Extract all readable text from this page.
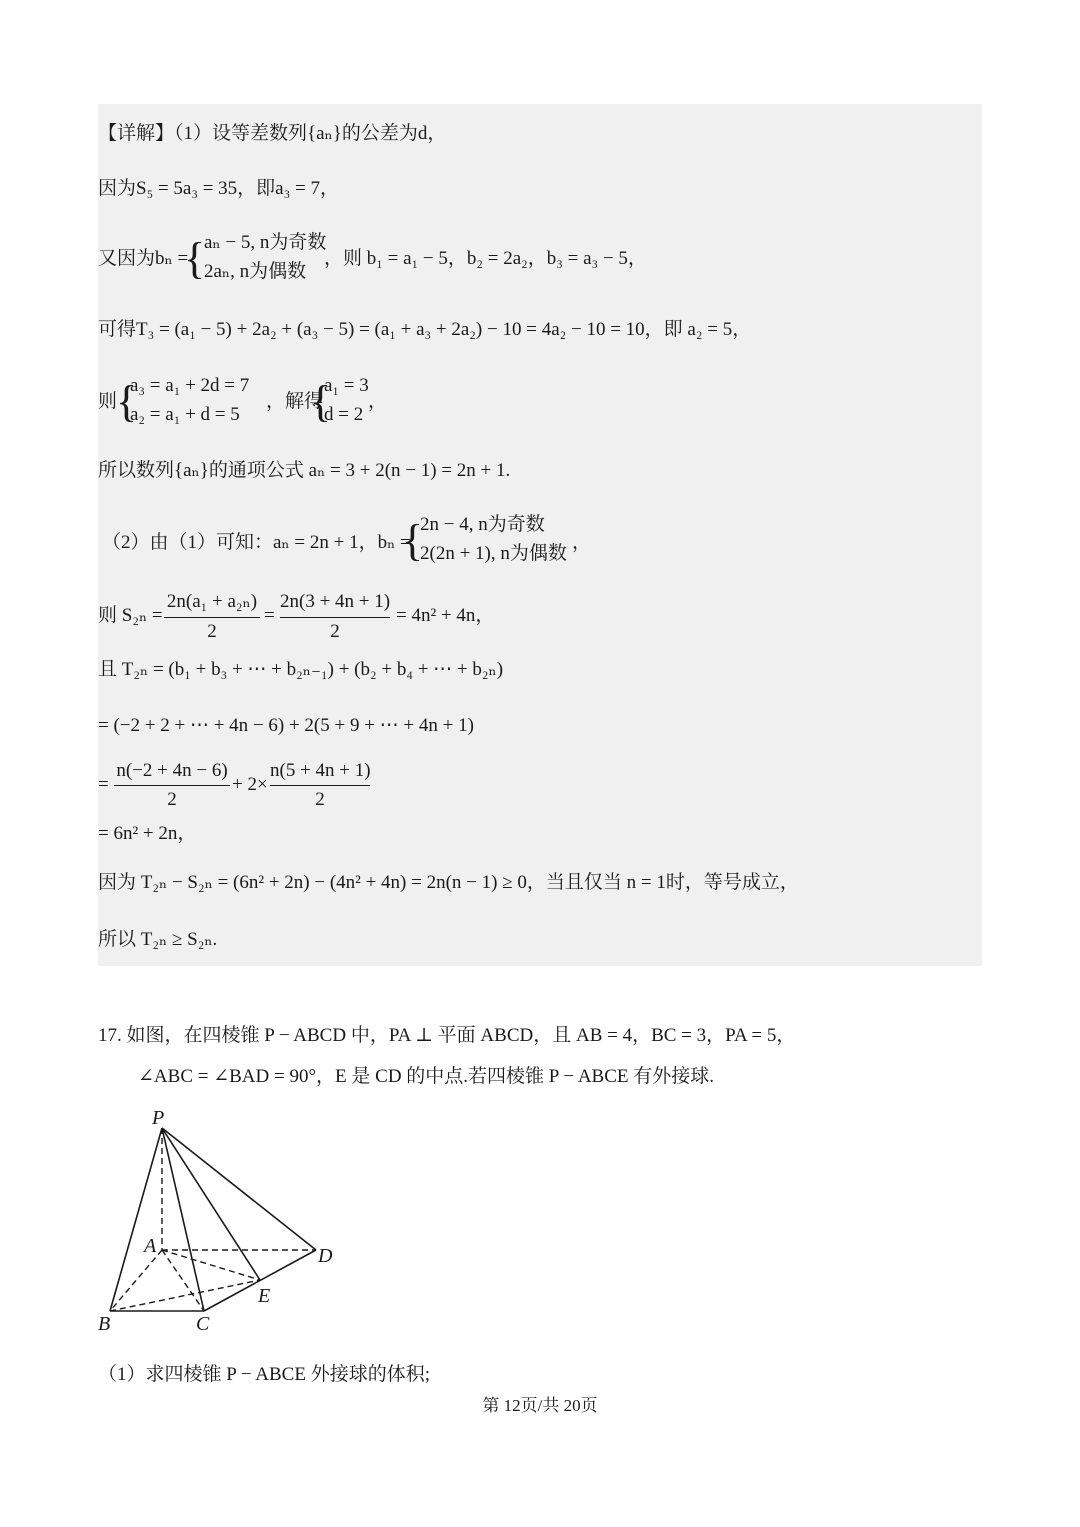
【详解】（1）设等差数列{aₙ}的公差为d，
因为S₅ = 5a₃ = 35，即a₃ = 7，
又因为bₙ =
{
aₙ − 5, n为奇数
2aₙ, n为偶数
，则 b₁ = a₁ − 5，b₂ = 2a₂，b₃ = a₃ − 5，
可得T₃ = (a₁ − 5) + 2a₂ + (a₃ − 5) = (a₁ + a₃ + 2a₂) − 10 = 4a₂ − 10 = 10，即 a₂ = 5，
则
{
a₃ = a₁ + 2d = 7
a₂ = a₁ + d = 5
，解得
{
a₁ = 3
d = 2
，
所以数列{aₙ}的通项公式 aₙ = 3 + 2(n − 1) = 2n + 1.
（2）由（1）可知：aₙ = 2n + 1，bₙ =
{
2n − 4, n为奇数
2(2n + 1), n为偶数
，
则 S₂ₙ =
2n(a₁ + a₂ₙ)
2
=
2n(3 + 4n + 1)
2
= 4n² + 4n，
且 T₂ₙ = (b₁ + b₃ + ⋯ + b₂ₙ₋₁) + (b₂ + b₄ + ⋯ + b₂ₙ)
= (−2 + 2 + ⋯ + 4n − 6) + 2(5 + 9 + ⋯ + 4n + 1)
=
n(−2 + 4n − 6)
2
+ 2×
n(5 + 4n + 1)
2
= 6n² + 2n，
因为 T₂ₙ − S₂ₙ = (6n² + 2n) − (4n² + 4n) = 2n(n − 1) ≥ 0，当且仅当 n = 1时，等号成立，
所以 T₂ₙ ≥ S₂ₙ.
17. 如图，在四棱锥 P − ABCD 中，PA ⊥ 平面 ABCD，且 AB = 4，BC = 3，PA = 5，
∠ABC = ∠BAD = 90°，E 是 CD 的中点.若四棱锥 P − ABCE 有外接球.
P
A	D
E
B	C
（1）求四棱锥 P − ABCE 外接球的体积;
第 12页/共 20页
